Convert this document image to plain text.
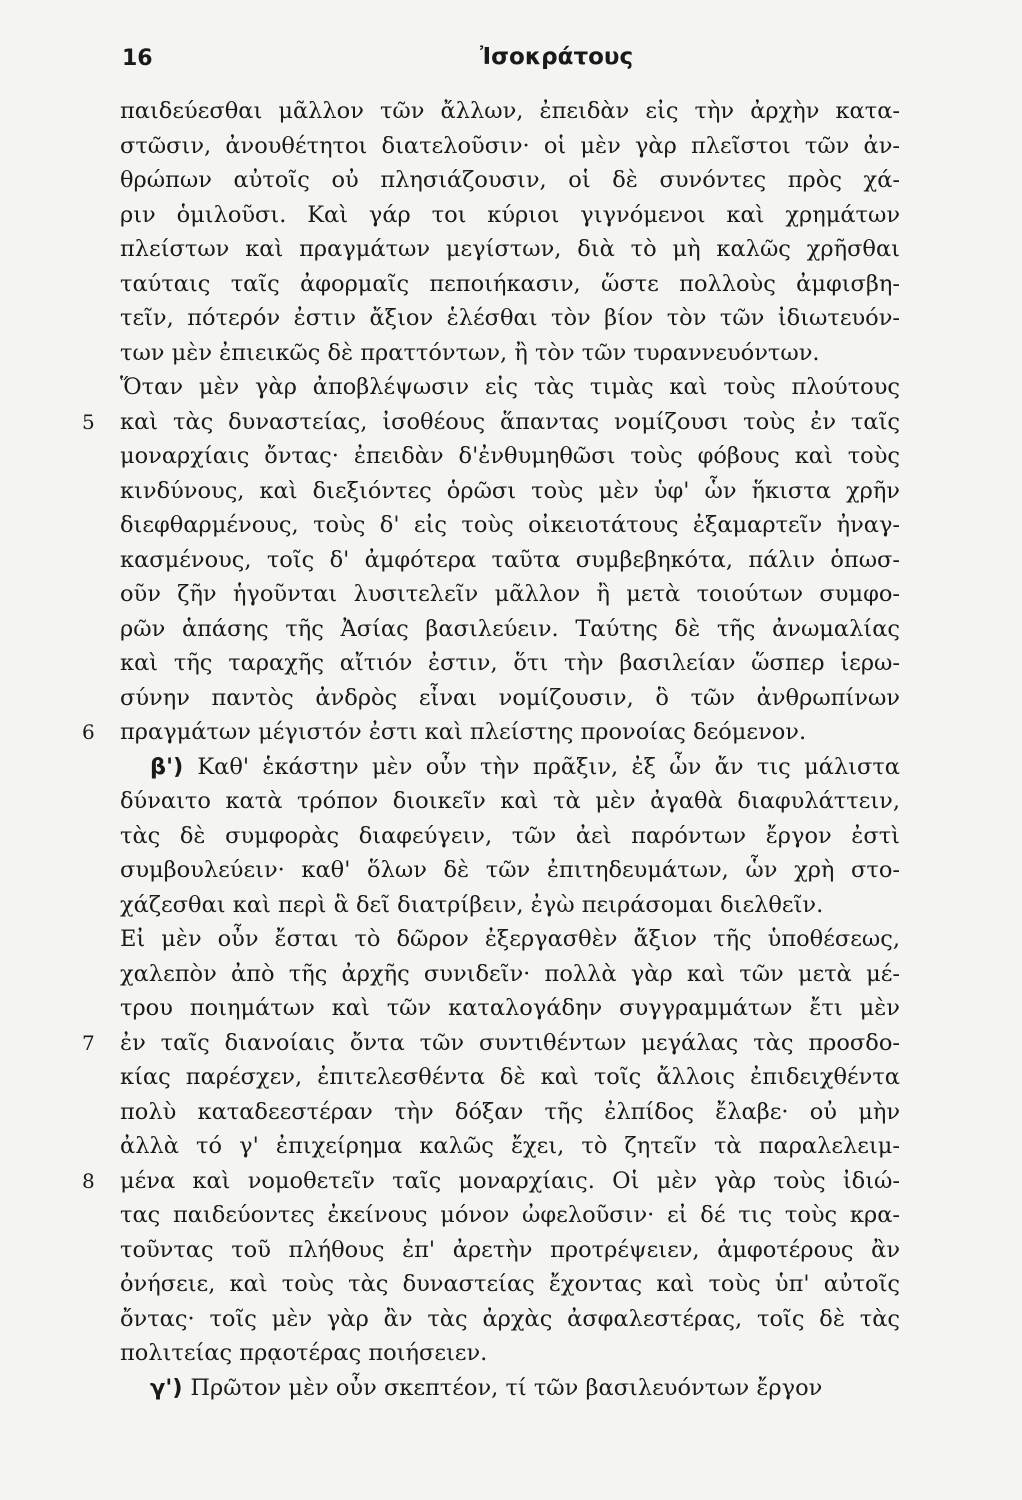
16	Ἰσοκράτους
παιδεύεσθαι μᾶλλον τῶν ἄλλων, ἐπειδὰν εἰς τὴν ἀρχὴν κατα-
στῶσιν, ἀνουθέτητοι διατελοῦσιν· οἱ μὲν γὰρ πλεῖστοι τῶν ἀν-
θρώπων αὐτοῖς οὐ πλησιάζουσιν, οἱ δὲ συνόντες πρὸς χά-
ριν ὁμιλοῦσι. Καὶ γάρ τοι κύριοι γιγνόμενοι καὶ χρημάτων
πλείστων καὶ πραγμάτων μεγίστων, διὰ τὸ μὴ καλῶς χρῆσθαι
ταύταις ταῖς ἀφορμαῖς πεποιήκασιν, ὥστε πολλοὺς ἀμφισβη-
τεῖν, πότερόν ἐστιν ἄξιον ἑλέσθαι τὸν βίον τὸν τῶν ἰδιωτευόν-
των μὲν ἐπιεικῶς δὲ πραττόντων, ἢ τὸν τῶν τυραννευόντων.
Ὅταν μὲν γὰρ ἀποβλέψωσιν εἰς τὰς τιμὰς καὶ τοὺς πλούτους
καὶ τὰς δυναστείας, ἰσοθέους ἅπαντας νομίζουσι τοὺς ἐν ταῖς
μοναρχίαις ὄντας· ἐπειδὰν δ'ἐνθυμηθῶσι τοὺς φόβους καὶ τοὺς
κινδύνους, καὶ διεξιόντες ὁρῶσι τοὺς μὲν ὑφ' ὧν ἥκιστα χρῆν
διεφθαρμένους, τοὺς δ' εἰς τοὺς οἰκειοτάτους ἐξαμαρτεῖν ἠναγ-
κασμένους, τοῖς δ' ἀμφότερα ταῦτα συμβεβηκότα, πάλιν ὁπωσ-
οῦν ζῆν ἡγοῦνται λυσιτελεῖν μᾶλλον ἢ μετὰ τοιούτων συμφο-
ρῶν ἁπάσης τῆς Ἀσίας βασιλεύειν. Ταύτης δὲ τῆς ἀνωμαλίας
καὶ τῆς ταραχῆς αἴτιόν ἐστιν, ὅτι τὴν βασιλείαν ὥσπερ ἱερω-
σύνην παντὸς ἀνδρὸς εἶναι νομίζουσιν, ὃ τῶν ἀνθρωπίνων
πραγμάτων μέγιστόν ἐστι καὶ πλείστης προνοίας δεόμενον.
β') Καθ' ἑκάστην μὲν οὖν τὴν πρᾶξιν, ἐξ ὧν ἄν τις μάλιστα
δύναιτο κατὰ τρόπον διοικεῖν καὶ τὰ μὲν ἀγαθὰ διαφυλάττειν,
τὰς δὲ συμφορὰς διαφεύγειν, τῶν ἀεὶ παρόντων ἔργον ἐστὶ
συμβουλεύειν· καθ' ὅλων δὲ τῶν ἐπιτηδευμάτων, ὧν χρὴ στο-
χάζεσθαι καὶ περὶ ἃ δεῖ διατρίβειν, ἐγὼ πειράσομαι διελθεῖν.
Εἰ μὲν οὖν ἔσται τὸ δῶρον ἐξεργασθὲν ἄξιον τῆς ὑποθέσεως,
χαλεπὸν ἀπὸ τῆς ἀρχῆς συνιδεῖν· πολλὰ γὰρ καὶ τῶν μετὰ μέ-
τρου ποιημάτων καὶ τῶν καταλογάδην συγγραμμάτων ἔτι μὲν
ἐν ταῖς διανοίαις ὄντα τῶν συντιθέντων μεγάλας τὰς προσδο-
κίας παρέσχεν, ἐπιτελεσθέντα δὲ καὶ τοῖς ἄλλοις ἐπιδειχθέντα
πολὺ καταδεεστέραν τὴν δόξαν τῆς ἐλπίδος ἔλαβε· οὐ μὴν
ἀλλὰ τό γ' ἐπιχείρημα καλῶς ἔχει, τὸ ζητεῖν τὰ παραλελειμ-
μένα καὶ νομοθετεῖν ταῖς μοναρχίαις. Οἱ μὲν γὰρ τοὺς ἰδιώ-
τας παιδεύοντες ἐκείνους μόνον ὠφελοῦσιν· εἰ δέ τις τοὺς κρα-
τοῦντας τοῦ πλήθους ἐπ' ἀρετὴν προτρέψειεν, ἀμφοτέρους ἂν
ὀνήσειε, καὶ τοὺς τὰς δυναστείας ἔχοντας καὶ τοὺς ὑπ' αὐτοῖς
ὄντας· τοῖς μὲν γὰρ ἂν τὰς ἀρχὰς ἀσφαλεστέρας, τοῖς δὲ τὰς
πολιτείας πρᾳοτέρας ποιήσειεν.
γ') Πρῶτον μὲν οὖν σκεπτέον, τί τῶν βασιλευόντων ἔργον
5
6
7
8
